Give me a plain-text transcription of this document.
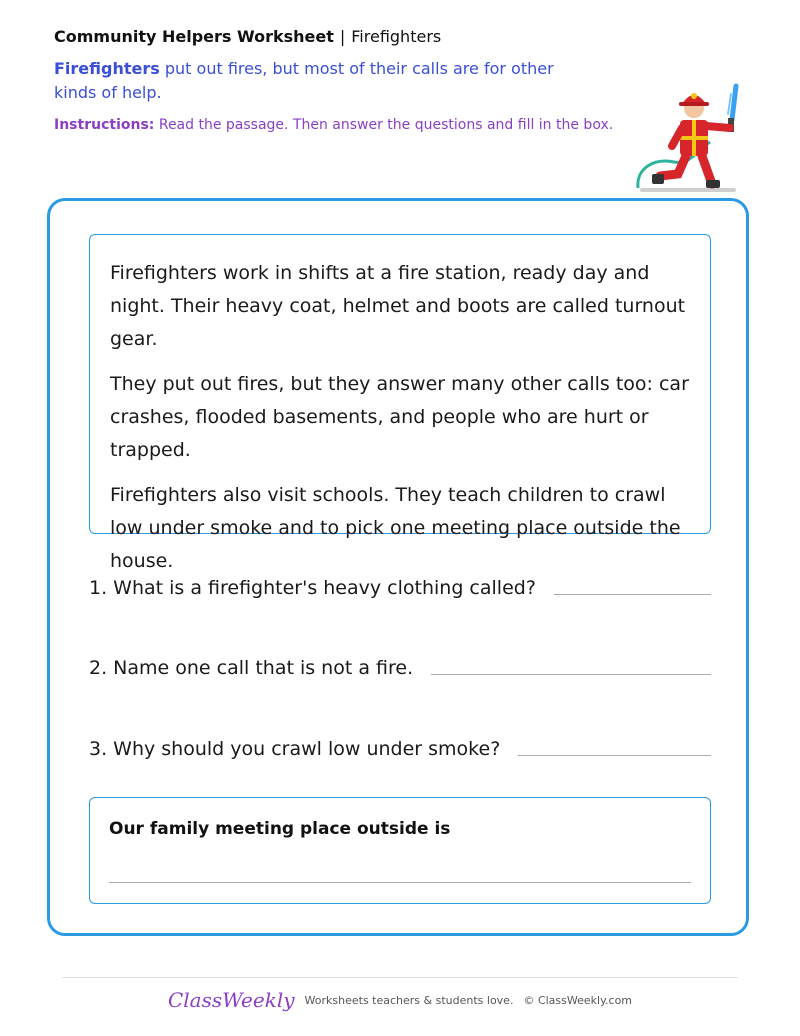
Community Helpers Worksheet | Firefighters
Firefighters put out fires, but most of their calls are for other kinds of help.
Instructions: Read the passage. Then answer the questions and fill in the box.

Firefighters work in shifts at a fire station, ready day and night. Their heavy coat, helmet and boots are called turnout gear.

They put out fires, but they answer many other calls too: car crashes, flooded basements, and people who are hurt or trapped.

Firefighters also visit schools. They teach children to crawl low under smoke and to pick one meeting place outside the house.

1. What is a firefighter's heavy clothing called?
2. Name one call that is not a fire.
3. Why should you crawl low under smoke?
Our family meeting place outside is
ClassWeekly Worksheets teachers & students love. © ClassWeekly.com
